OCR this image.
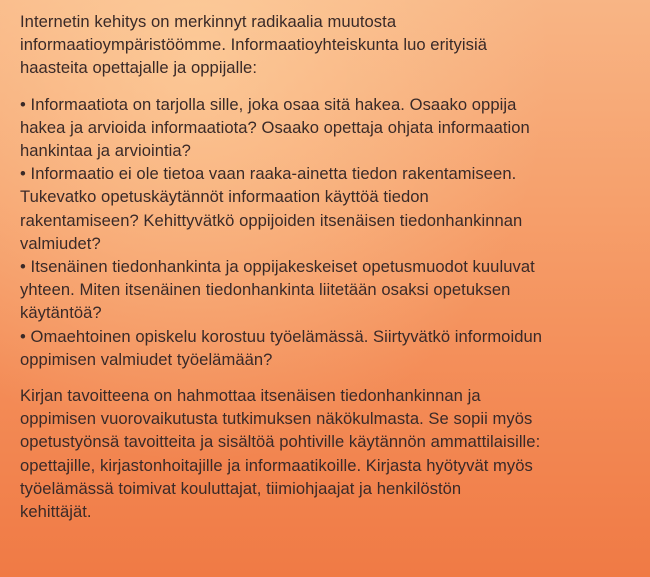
Internetin kehitys on merkinnyt radikaalia muutosta
informaatioympäristöömme. Informaatioyhteiskunta luo erityisiä
haasteita opettajalle ja oppijalle:

• Informaatiota on tarjolla sille, joka osaa sitä hakea. Osaako oppija
hakea ja arvioida informaatiota? Osaako opettaja ohjata informaation
hankintaa ja arviointia?
• Informaatio ei ole tietoa vaan raaka-ainetta tiedon rakentamiseen.
Tukevatko opetuskäytännöt informaation käyttöä tiedon
rakentamiseen? Kehittyvätkö oppijoiden itsenäisen tiedonhankinnan
valmiudet?
• Itsenäinen tiedonhankinta ja oppijakeskeiset opetusmuodot kuuluvat
yhteen. Miten itsenäinen tiedonhankinta liitetään osaksi opetuksen
käytäntöä?
• Omaehtoinen opiskelu korostuu työelämässä. Siirtyvätkö informoidun
oppimisen valmiudet työelämään?

Kirjan tavoitteena on hahmottaa itsenäisen tiedonhankinnan ja
oppimisen vuorovaikutusta tutkimuksen näkökulmasta. Se sopii myös
opetustyönsä tavoitteita ja sisältöä pohtiville käytännön ammattilaisille:
opettajille, kirjastonhoitajille ja informaatikoille. Kirjasta hyötyvät myös
työelämässä toimivat kouluttajat, tiimiohjaajat ja henkilöstön
kehittäjät.
